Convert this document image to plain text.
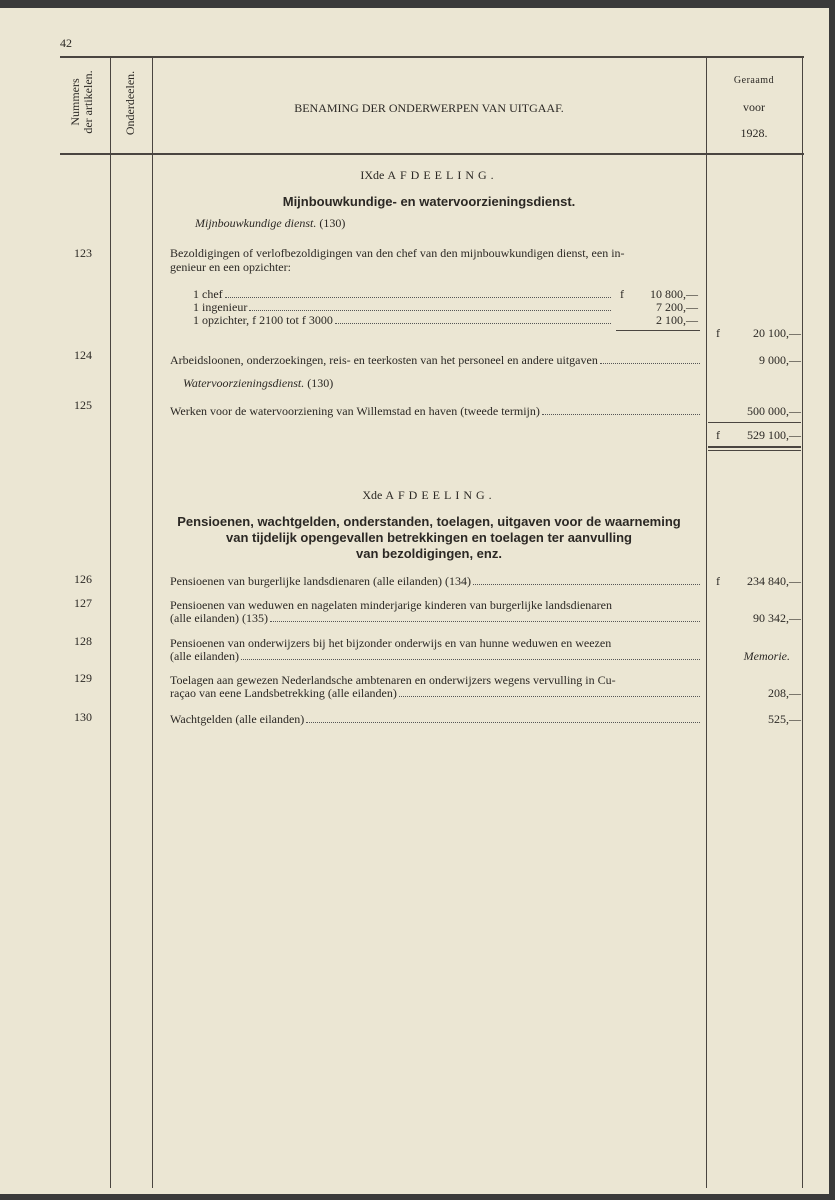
42
Nummers der artikelen. Onderdeelen.	BENAMING DER ONDERWERPEN VAN UITGAAF.
Geraamd
voor
1928.
IXde AFDEELING.
Mijnbouwkundige- en watervoorzieningsdienst.
Mijnbouwkundige dienst. (130)
123	Bezoldigingen of verlofbezoldigingen van den chef van den mijnbouwkundigen dienst, een in-
genieur en een opzichter:
1 chef	f	10 800,—
1 ingenieur	7 200,—
1 opzichter, f 2100 tot f 3000	2 100,—
f	20 100,—
124	Arbeidsloonen, onderzoekingen, reis- en teerkosten van het personeel en andere uitgaven	9 000,—
Watervoorzieningsdienst. (130)
125	Werken voor de watervoorziening van Willemstad en haven (tweede termijn)	500 000,—
f	529 100,—
Xde AFDEELING.
Pensioenen, wachtgelden, onderstanden, toelagen, uitgaven voor de waarneming
van tijdelijk opengevallen betrekkingen en toelagen ter aanvulling
van bezoldigingen, enz.
126	Pensioenen van burgerlijke landsdienaren (alle eilanden) (134)	f	234 840,—
127	Pensioenen van weduwen en nagelaten minderjarige kinderen van burgerlijke landsdienaren
(alle eilanden) (135)	90 342,—
128	Pensioenen van onderwijzers bij het bijzonder onderwijs en van hunne weduwen en weezen
(alle eilanden)	Memorie.
129	Toelagen aan gewezen Nederlandsche ambtenaren en onderwijzers wegens vervulling in Cu-
raçao van eene Landsbetrekking (alle eilanden)	208,—
130	Wachtgelden (alle eilanden)	525,—
